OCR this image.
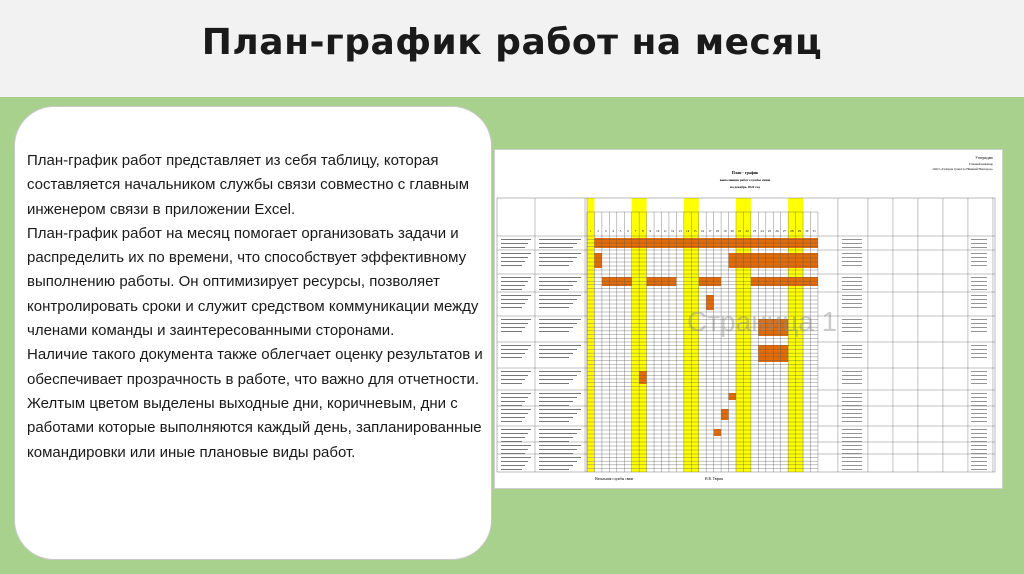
План-график работ на месяц

План-график работ представляет из себя таблицу, которая составляется начальником службы связи совместно с главным инженером связи в приложении Excel.

План-график работ на месяц помогает организовать задачи и распределить их по времени, что способствует эффективному выполнению работы. Он оптимизирует ресурсы, позволяет контролировать сроки и служит средством коммуникации между членами команды и заинтересованными сторонами.

Наличие такого документа также облегчает оценку результатов и обеспечивает прозрачность в работе, что важно для отчетности.

Желтым цветом выделены выходные дни, коричневым, дни с работами которые выполняются каждый день, запланированные командировки или иные плановые виды работ.

Утверждаю
Главный инженер
ООО «Газпром трансгаз Нижний Новгород»
План - график
выполнения работ службы связи
на декабрь 2024 год
1 2 3 4 5 6 7 8 9 10 11 12 13 14 15 16 17 18 19 20 21 22 23 24 25 26 27 28 29 30 31
Начальник службы связи	И.В. Тюрин
Страница 1
